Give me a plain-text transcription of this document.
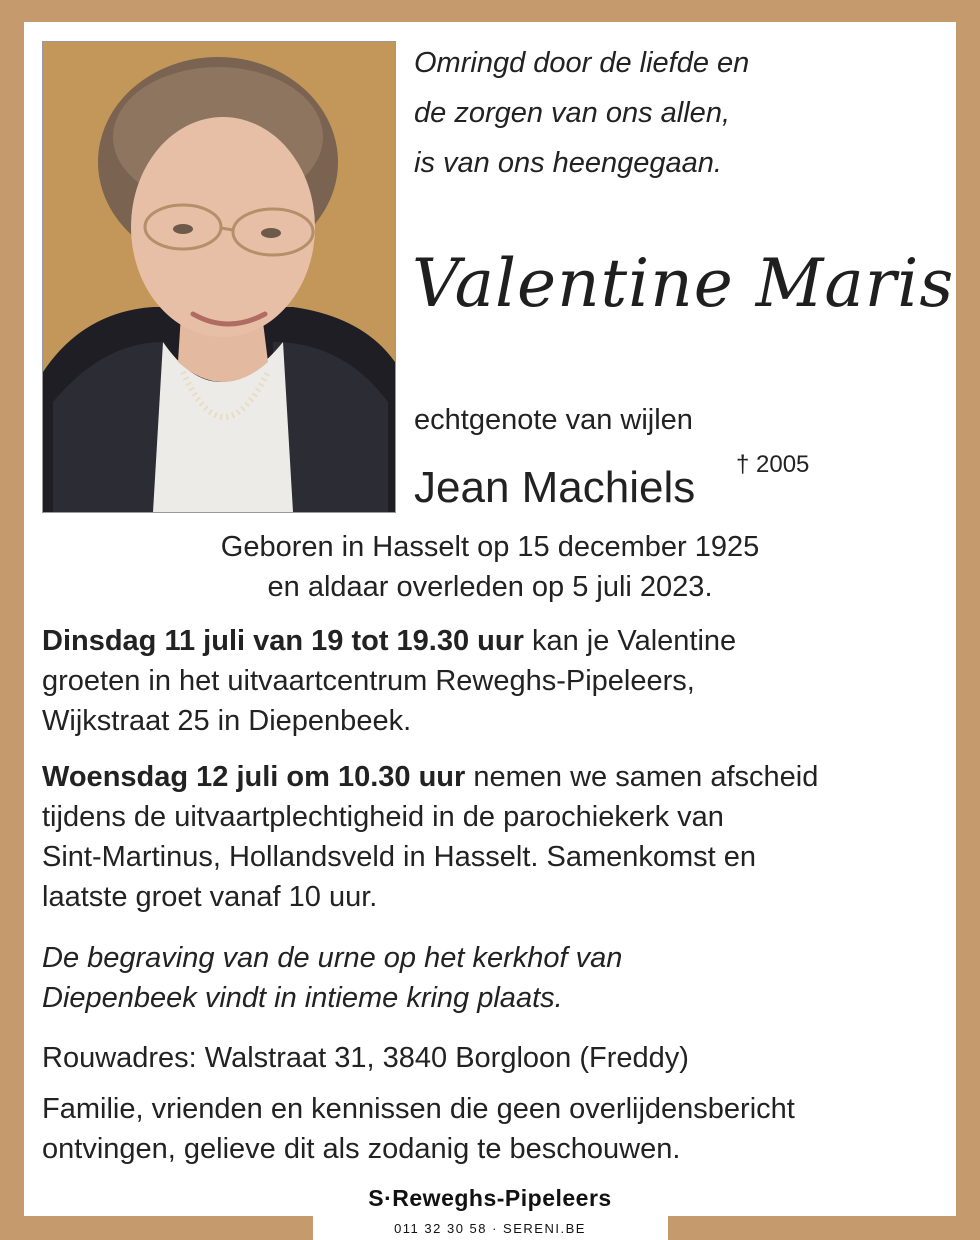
Omringd door de liefde en
de zorgen van ons allen,
is van ons heengegaan.
Valentine Maris
echtgenote van wijlen
Jean Machiels † 2005
Geboren in Hasselt op 15 december 1925
en aldaar overleden op 5 juli 2023.
Dinsdag 11 juli van 19 tot 19.30 uur kan je Valentine
groeten in het uitvaartcentrum Reweghs-Pipeleers,
Wijkstraat 25 in Diepenbeek.
Woensdag 12 juli om 10.30 uur nemen we samen afscheid
tijdens de uitvaartplechtigheid in de parochiekerk van
Sint-Martinus, Hollandsveld in Hasselt. Samenkomst en
laatste groet vanaf 10 uur.
De begraving van de urne op het kerkhof van
Diepenbeek vindt in intieme kring plaats.
Rouwadres: Walstraat 31, 3840 Borgloon (Freddy)
Familie, vrienden en kennissen die geen overlijdensbericht
ontvingen, gelieve dit als zodanig te beschouwen.
S·Reweghs-Pipeleers
011 32 30 58 · SERENI.BE
